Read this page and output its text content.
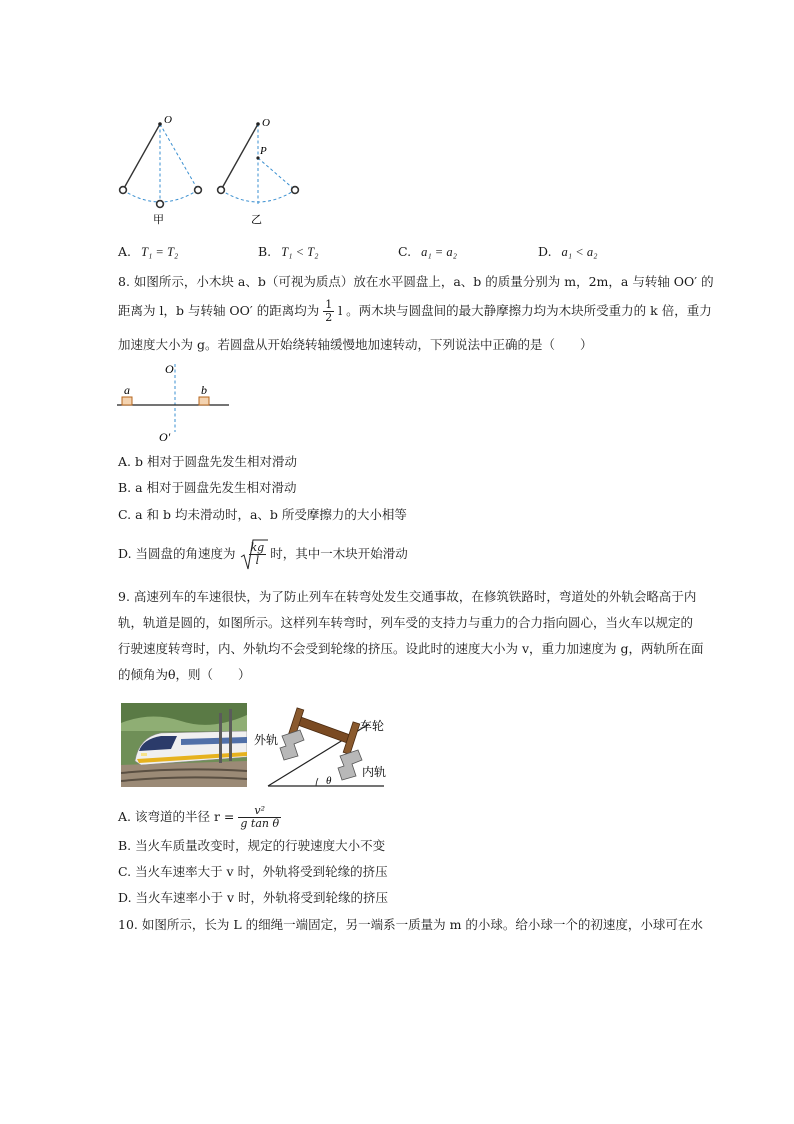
O
甲
O
P
乙
A. T₁ = T₂	B. T₁ < T₂	C. a₁ = a₂	D. a₁ < a₂
8. 如图所示，小木块 a、b（可视为质点）放在水平圆盘上，a、b 的质量分别为 m，2m，a 与转轴 OO′ 的
距离为 l，b 与转轴 OO′ 的距离均为 $\frac{1}{2}$ l 。两木块与圆盘间的最大静摩擦力均为木块所受重力的 k 倍，重力
加速度大小为 g。若圆盘从开始绕转轴缓慢地加速转动，下列说法中正确的是（　　）
O
a	b
O′
A. b 相对于圆盘先发生相对滑动
B. a 相对于圆盘先发生相对滑动
C. a 和 b 均未滑动时，a、b 所受摩擦力的大小相等
D. 当圆盘的角速度为 $\frac{kg}{l}$ 时，其中一木块开始滑动
9. 高速列车的车速很快，为了防止列车在转弯处发生交通事故，在修筑铁路时，弯道处的外轨会略高于内
轨，轨道是圆的，如图所示。这样列车转弯时，列车受的支持力与重力的合力指向圆心，当火车以规定的
行驶速度转弯时，内、外轨均不会受到轮缘的挤压。设此时的速度大小为 v，重力加速度为 g，两轨所在面
的倾角为θ，则（　　）
车轮
外轨
内轨
θ
A. 该弯道的半径 $r = \frac{\text{v²}}{\text{g tan θ}}$
B. 当火车质量改变时，规定的行驶速度大小不变
C. 当火车速率大于 v 时，外轨将受到轮缘的挤压
D. 当火车速率小于 v 时，外轨将受到轮缘的挤压
10. 如图所示，长为 L 的细绳一端固定，另一端系一质量为 m 的小球。给小球一个的初速度，小球可在水
